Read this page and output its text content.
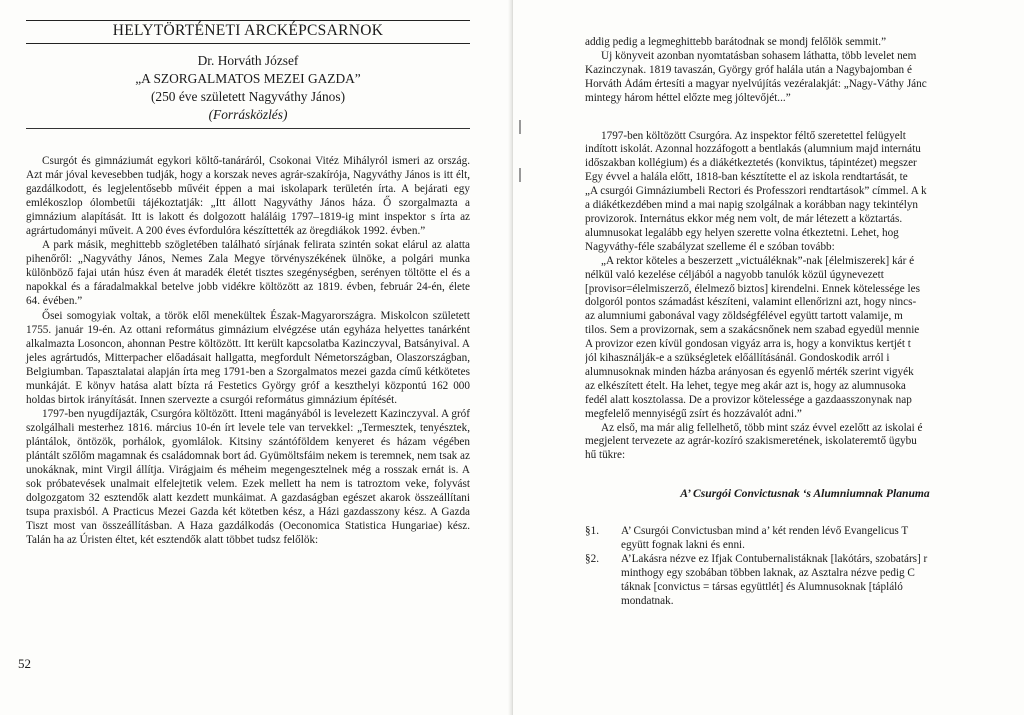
HELYTÖRTÉNETI ARCKÉPCSARNOK
Dr. Horváth József
„A SZORGALMATOS MEZEI GAZDA”
(250 éve született Nagyváthy János)
(Forrásközlés)

Csurgót és gimnáziumát egykori költő-tanáráról, Csokonai Vitéz Mihályról ismeri az ország. Azt már jóval kevesebben tudják, hogy a korszak neves agrár-szakírója, Nagyváthy János is itt élt, gazdálkodott, és legjelentősebb művéit éppen a mai iskolapark területén írta. A bejárati egy emlékoszlop ólombetűi tájékoztatják: „Itt állott Nagyváthy János háza. Ő szorgalmazta a gimnázium alapítását. Itt is lakott és dolgozott haláláig 1797–1819-ig mint inspektor s írta az agrártudományi műveit. A 200 éves évfordulóra készíttették az öregdiákok 1992. évben.”

A park másik, meghittebb szögletében található sírjának felirata szintén sokat elárul az alatta pihenőről: „Nagyváthy János, Nemes Zala Megye törvényszékének ülnöke, a polgári munka különböző fajai után húsz éven át maradék életét tisztes szegénységben, serényen töltötte el és a napokkal és a fáradalmakkal betelve jobb vidékre költözött az 1819. évben, február 24-én, élete 64. évében.”

Ősei somogyiak voltak, a török elől menekültek Észak-Magyarországra. Miskolcon született 1755. január 19-én. Az ottani református gimnázium elvégzése után egyháza helyettes tanárként alkalmazta Losoncon, ahonnan Pestre költözött. Itt került kapcsolatba Kazinczyval, Batsányival. A jeles agrártudós, Mitterpacher előadásait hallgatta, megfordult Németországban, Olaszországban, Belgiumban. Tapasztalatai alapján írta meg 1791-ben a Szorgalmatos mezei gazda című kétkötetes munkáját. E könyv hatása alatt bízta rá Festetics György gróf a keszthelyi központú 162 000 holdas birtok irányítását. Innen szervezte a csurgói református gimnázium építését.

1797-ben nyugdíjazták, Csurgóra költözött. Itteni magányából is levelezett Kazinczyval. A gróf szolgálhali mesterhez 1816. március 10-én írt levele tele van tervekkel: „Termesztek, tenyésztek, plántálok, öntözök, porhálok, gyomlálok. Kitsiny szántóföldem kenyeret és házam végében plántált szőlőm magamnak és családomnak bort ád. Gyümöltsfáim nekem is teremnek, nem tsak az unokáknak, mint Virgil állítja. Virágjaim és méheim megengesztelnek még a rosszak ernát is. A sok próbatevések unalmait elfelejtetik velem. Ezek mellett ha nem is tatroztom veke, folyvást dolgozgatom 32 esztendők alatt kezdett munkáimat. A gazdaságban egészet akarok összeállítani tsupa praxisból. A Practicus Mezei Gazda két kötetben kész, a Házi gazdasszony kész. A Gazda Tiszt most van összeállításban. A Haza gazdálkodás (Oeconomica Statistica Hungariae) kész. Talán ha az Úristen éltet, két esztendők alatt többet tudsz felőlök:

52

addig pedig a legmeghittebb barátodnak se mondj felőlök semmit.”

Új könyveit azonban nyomtatásban sohasem láthatta, több levelet nem

Kazinczynak. 1819 tavaszán, György gróf halála után a Nagybajomban é

Horváth Ádám értesíti a magyar nyelvújítás vezéralakját: „Nagy-Váthy Jánc

mintegy három héttel előzte meg jóltevőjét...”

1797-ben költözött Csurgóra. Az inspektor féltő szeretettel felügyelt

indított iskolát. Azonnal hozzáfogott a bentlakás (alumnium majd internátu

időszakban kollégium) és a diákétkeztetés (konviktus, tápintézet) megszer

Egy évvel a halála előtt, 1818-ban késztítette el az iskola rendtartását, te

„A csurgói Gimnáziumbeli Rectori és Professzori rendtartások” címmel. A k

a diákétkezdében mind a mai napig szolgálnak a korábban nagy tekintélyn

provizorok. Internátus ekkor még nem volt, de már létezett a köztartás.

alumnusokat legalább egy helyen szerette volna étkeztetni. Lehet, hog

Nagyváthy-féle szabályzat szelleme él e szóban tovább:

„A rektor köteles a beszerzett „victuáléknak”-nak [élelmiszerek] kár é

nélkül való kezelése céljából a nagyobb tanulók közül úgynevezett

[provisor=élelmiszerző, élelmező biztos] kirendelni. Ennek kötelessége les

dolgoról pontos számadást készíteni, valamint ellenőrizni azt, hogy nincs-

az alumniumi gabonával vagy zöldségfélével együtt tartott valamije, m

tilos. Sem a provizornak, sem a szakácsnőnek nem szabad egyedül mennie

A provizor ezen kívül gondosan vigyáz arra is, hogy a konviktus kertjét t

jól kihasználják-e a szükségletek előállításánál. Gondoskodik arról i

alumnusoknak minden házba arányosan és egyenlő mérték szerint vigyék

az elkészített ételt. Ha lehet, tegye meg akár azt is, hogy az alumnusoka

fedél alatt kosztolassa. De a provizor kötelessége a gazdaasszonynak nap

megfelelő mennyiségű zsírt és hozzávalót adni.”

Az első, ma már alig fellelhető, több mint száz évvel ezelőtt az iskolai é

megjelent tervezete az agrár-kozíró szakismeretének, iskolateremtő ügybu

hű tükre:

A’ Csurgói Convictusnak ‘s Alumniumnak Planuma

§1.	A’ Csurgói Convictusban mind a’ két renden lévő Evangelicus T
együtt fognak lakni és enni.
§2.	A’Lakásra nézve ez Ifjak Contubernalistáknak [lakótárs, szobatárs] r
minthogy egy szobában többen laknak, az Asztalra nézve pedig C
táknak [convictus = társas együttlét] és Alumnusoknak [tápláló
mondatnak.
